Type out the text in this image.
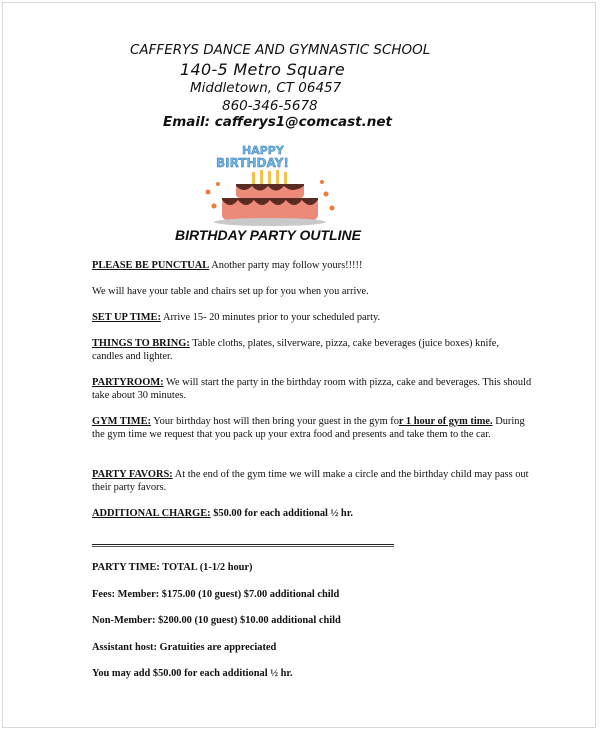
CAFFERYS DANCE AND GYMNASTIC SCHOOL
140-5 Metro Square
Middletown, CT 06457
860-346-5678
Email: cafferys1@comcast.net
HAPPY
BIRTHDAY!
BIRTHDAY PARTY OUTLINE

PLEASE BE PUNCTUAL Another party may follow yours!!!!!

We will have your table and chairs set up for you when you arrive.

SET UP TIME: Arrive 15- 20 minutes prior to your scheduled party.

THINGS TO BRING: Table cloths, plates, silverware, pizza, cake beverages (juice boxes) knife, candles and lighter.

PARTYROOM: We will start the party in the birthday room with pizza, cake and beverages. This should take about 30 minutes.

GYM TIME: Your birthday host will then bring your guest in the gym for 1 hour of gym time. During the gym time we request that you pack up your extra food and presents and take them to the car.

PARTY FAVORS: At the end of the gym time we will make a circle and the birthday child may pass out their party favors.

ADDITIONAL CHARGE: $50.00 for each additional ½ hr.

PARTY TIME: TOTAL (1-1/2 hour)

Fees: Member: $175.00 (10 guest) $7.00 additional child

Non-Member: $200.00 (10 guest) $10.00 additional child

Assistant host: Gratuities are appreciated

You may add $50.00 for each additional ½ hr.
